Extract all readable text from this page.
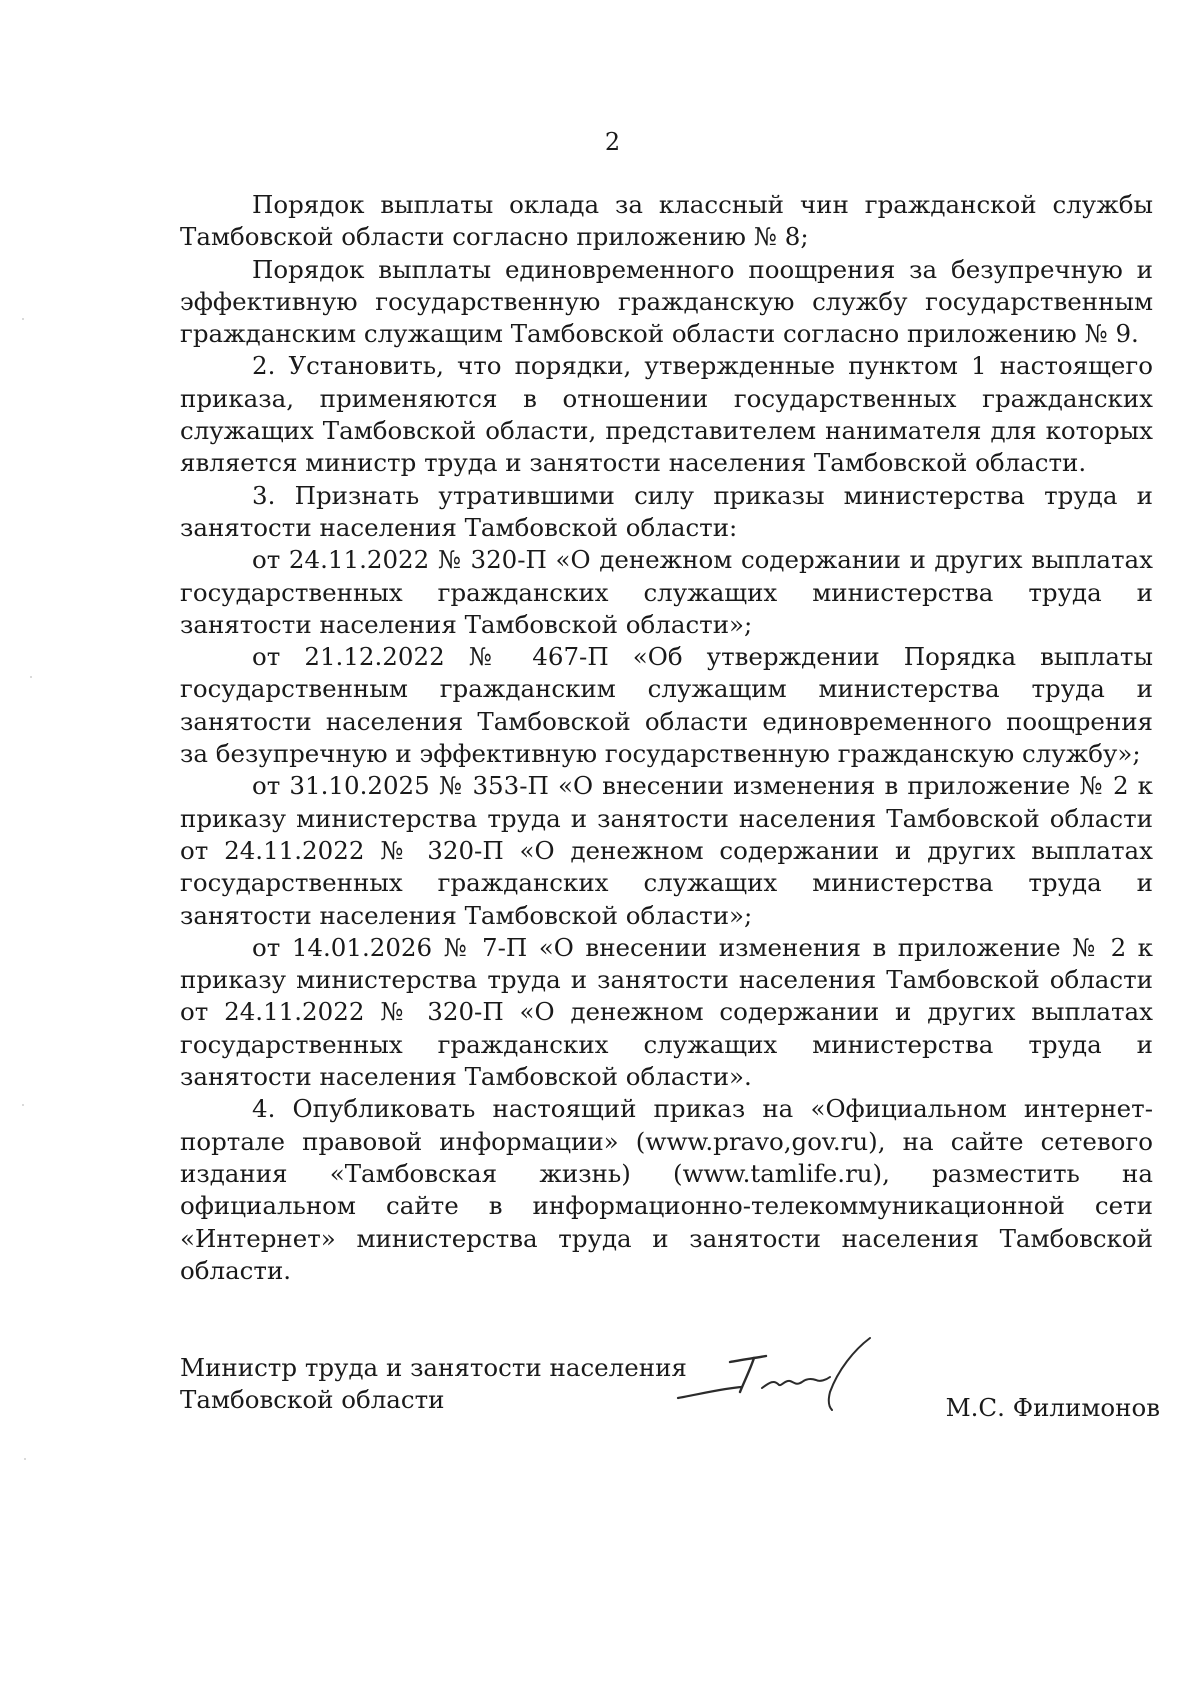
2

Порядок выплаты оклада за классный чин гражданской службы Тамбовской области согласно приложению № 8;

Порядок выплаты единовременного поощрения за безупречную и эффективную государственную гражданскую службу государственным гражданским служащим Тамбовской области согласно приложению № 9.

2. Установить, что порядки, утвержденные пунктом 1 настоящего приказа, применяются в отношении государственных гражданских служащих Тамбовской области, представителем нанимателя для которых является министр труда и занятости населения Тамбовской области.

3. Признать утратившими силу приказы министерства труда и занятости населения Тамбовской области:

от 24.11.2022 № 320-П «О денежном содержании и других выплатах государственных гражданских служащих министерства труда и занятости населения Тамбовской области»;

от 21.12.2022 № 467-П «Об утверждении Порядка выплаты государственным гражданским служащим министерства труда и занятости населения Тамбовской области единовременного поощрения за безупречную и эффективную государственную гражданскую службу»;

от 31.10.2025 № 353-П «О внесении изменения в приложение № 2 к приказу министерства труда и занятости населения Тамбовской области от 24.11.2022 № 320-П «О денежном содержании и других выплатах государственных гражданских служащих министерства труда и занятости населения Тамбовской области»;

от 14.01.2026 № 7-П «О внесении изменения в приложение № 2 к приказу министерства труда и занятости населения Тамбовской области от 24.11.2022 № 320-П «О денежном содержании и других выплатах государственных гражданских служащих министерства труда и занятости населения Тамбовской области».

4. Опубликовать настоящий приказ на «Официальном интернет-портале правовой информации» (www.pravo,gov.ru), на сайте сетевого издания «Тамбовская жизнь) (www.tamlife.ru), разместить на официальном сайте в информационно-телекоммуникационной сети «Интернет» министерства труда и занятости населения Тамбовской области.

Министр труда и занятости населения
Тамбовской области	М.С. Филимонов
